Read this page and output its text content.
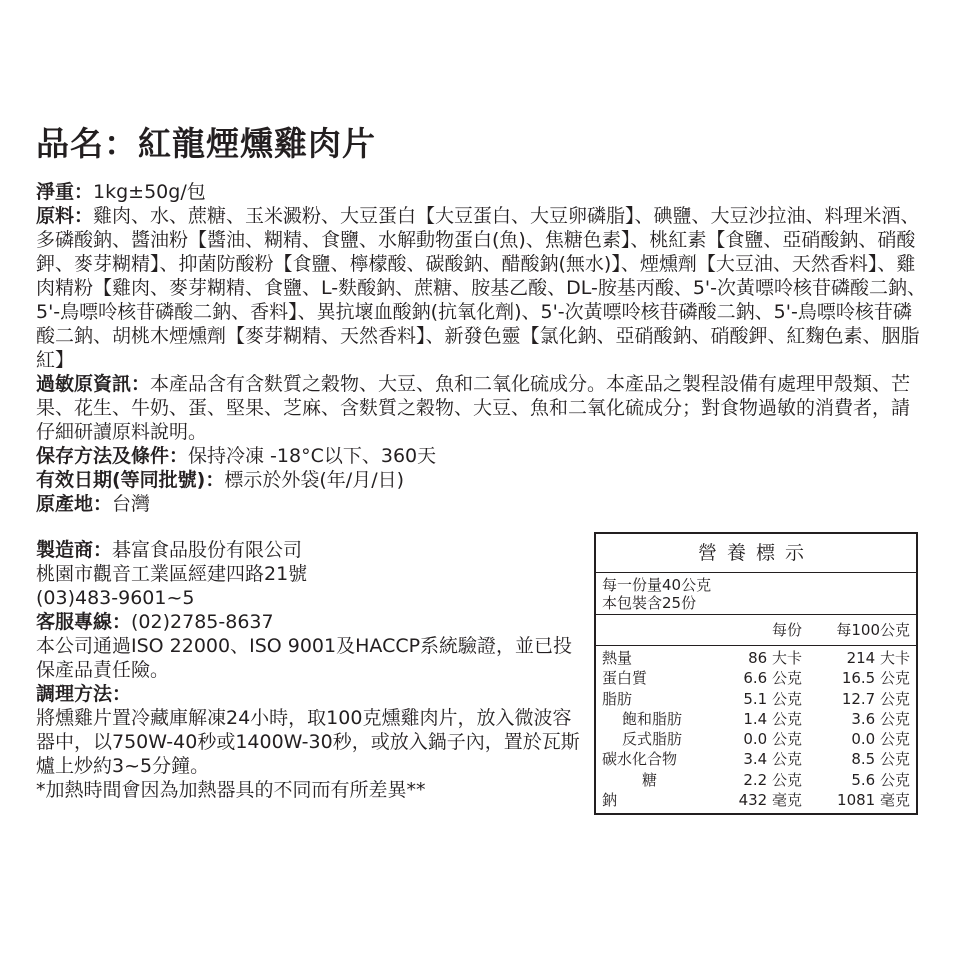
品名：紅龍煙燻雞肉片

淨重：1kg±50g/包

原料：雞肉、水、蔗糖、玉米澱粉、大豆蛋白【大豆蛋白、大豆卵磷脂】、碘鹽、大豆沙拉油、料理米酒、多磷酸鈉、醬油粉【醬油、糊精、食鹽、水解動物蛋白(魚)、焦糖色素】、桃紅素【食鹽、亞硝酸鈉、硝酸鉀、麥芽糊精】、抑菌防酸粉【食鹽、檸檬酸、碳酸鈉、醋酸鈉(無水)】、煙燻劑【大豆油、天然香料】、雞肉精粉【雞肉、麥芽糊精、食鹽、L-麩酸鈉、蔗糖、胺基乙酸、DL-胺基丙酸、5'-次黃嘌呤核苷磷酸二鈉、5'-鳥嘌呤核苷磷酸二鈉、香料】、異抗壞血酸鈉(抗氧化劑)、5'-次黃嘌呤核苷磷酸二鈉、5'-鳥嘌呤核苷磷酸二鈉、胡桃木煙燻劑【麥芽糊精、天然香料】、新發色靈【氯化鈉、亞硝酸鈉、硝酸鉀、紅麴色素、胭脂紅】

過敏原資訊：本產品含有含麩質之穀物、大豆、魚和二氧化硫成分。本產品之製程設備有處理甲殼類、芒果、花生、牛奶、蛋、堅果、芝麻、含麩質之穀物、大豆、魚和二氧化硫成分；對食物過敏的消費者，請仔細研讀原料說明。

保存方法及條件：保持冷凍 -18°C以下、360天

有效日期(等同批號)：標示於外袋(年/月/日)

原產地：台灣

製造商：碁富食品股份有限公司

桃園市觀音工業區經建四路21號

(03)483-9601~5

客服專線：(02)2785-8637

本公司通過ISO 22000、ISO 9001及HACCP系統驗證，並已投保產品責任險。

調理方法：

將燻雞片置冷藏庫解凍24小時，取100克燻雞肉片，放入微波容器中，以750W-40秒或1400W-30秒，或放入鍋子內，置於瓦斯爐上炒約3~5分鐘。

*加熱時間會因為加熱器具的不同而有所差異**

營養標示
每一份量40公克
本包裝含25份
每份	每100公克
熱量	86 大卡	214 大卡
蛋白質	6.6 公克	16.5 公克
脂肪	5.1 公克	12.7 公克
飽和脂肪	1.4 公克	3.6 公克
反式脂肪	0.0 公克	0.0 公克
碳水化合物	3.4 公克	8.5 公克
糖	2.2 公克	5.6 公克
鈉	432 毫克	1081 毫克
